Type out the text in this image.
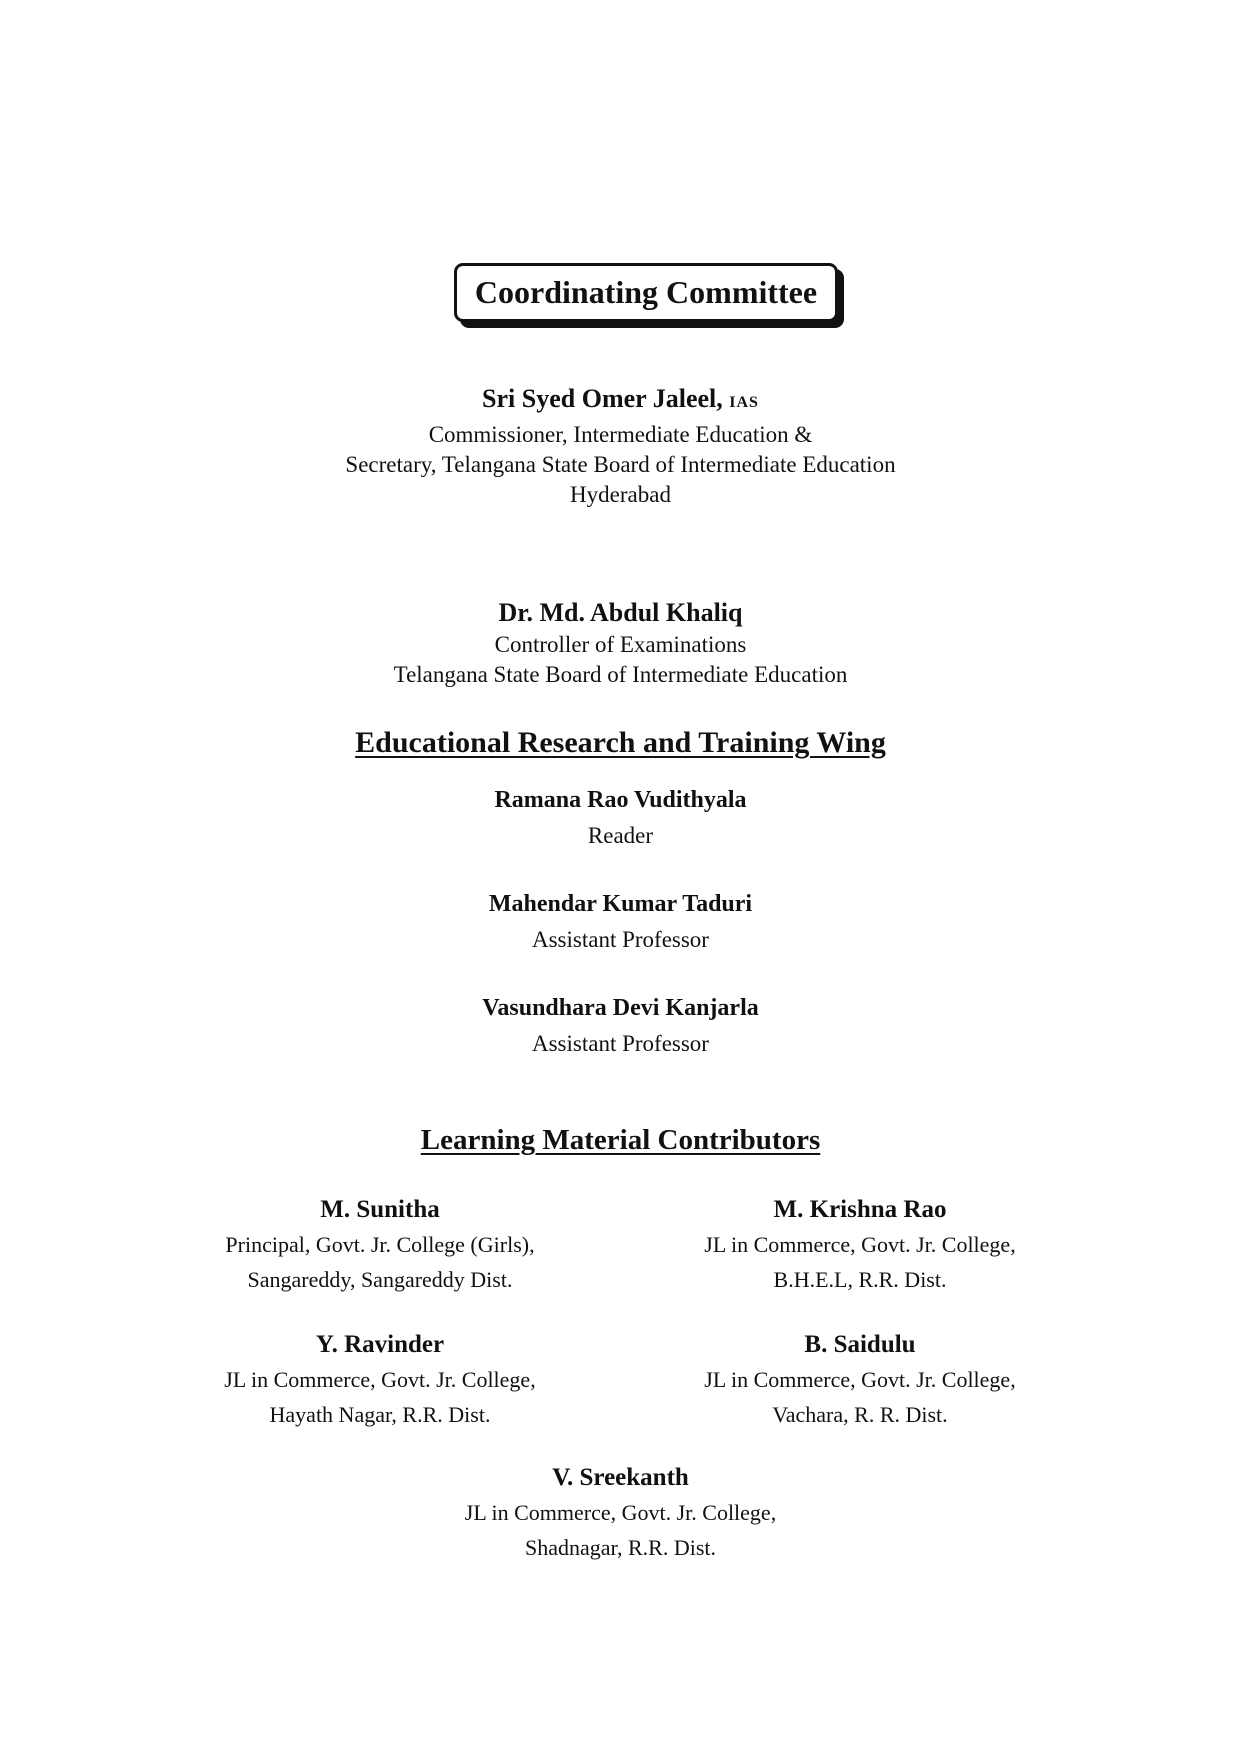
Coordinating Committee
Sri Syed Omer Jaleel, IAS
Commissioner, Intermediate Education &
Secretary, Telangana State Board of Intermediate Education
Hyderabad
Dr. Md. Abdul Khaliq
Controller of Examinations
Telangana State Board of Intermediate Education
Educational Research and Training Wing
Ramana Rao Vudithyala
Reader
Mahendar Kumar Taduri
Assistant Professor
Vasundhara Devi Kanjarla
Assistant Professor
Learning Material Contributors
M. Sunitha
Principal, Govt. Jr. College (Girls),
Sangareddy, Sangareddy Dist.
M. Krishna Rao
JL in Commerce, Govt. Jr. College,
B.H.E.L, R.R. Dist.
Y. Ravinder
JL in Commerce, Govt. Jr. College,
Hayath Nagar, R.R. Dist.
B. Saidulu
JL in Commerce, Govt. Jr. College,
Vachara, R. R. Dist.
V. Sreekanth
JL in Commerce, Govt. Jr. College,
Shadnagar, R.R. Dist.
